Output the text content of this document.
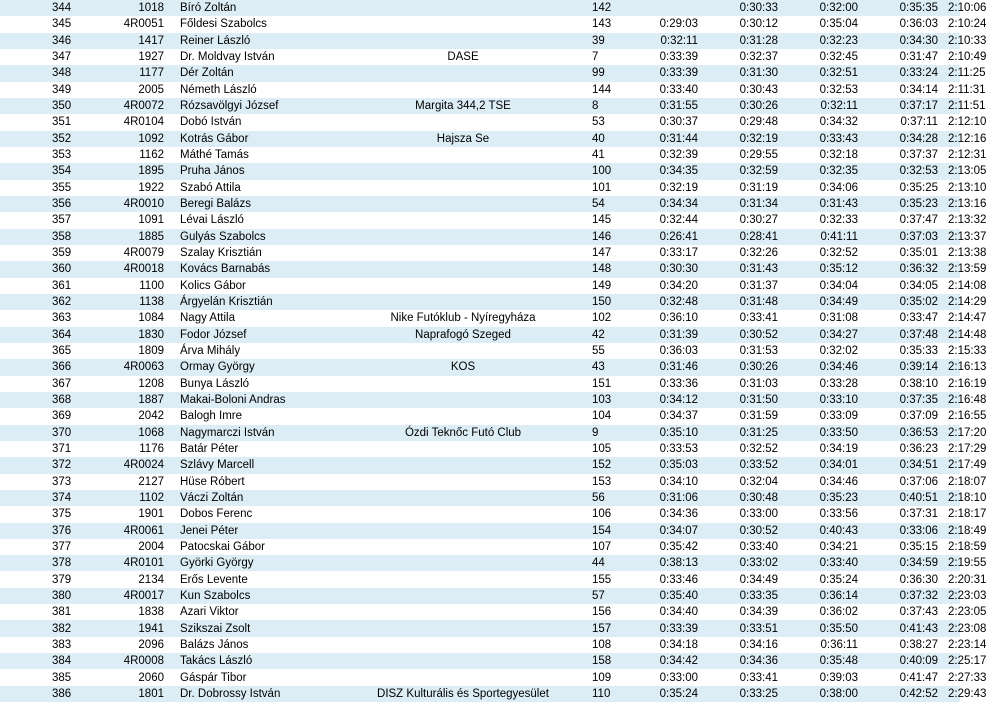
344	1018	Bíró Zoltán		142		0:30:33	0:32:00	0:35:35	2:10:06
345	4R0051	Főldesi Szabolcs		143	0:29:03	0:30:12	0:35:04	0:36:03	2:10:24
346	1417	Reiner László		39	0:32:11	0:31:28	0:32:23	0:34:30	2:10:33
347	1927	Dr. Moldvay István	DASE	7	0:33:39	0:32:37	0:32:45	0:31:47	2:10:49
348	1177	Dér Zoltán		99	0:33:39	0:31:30	0:32:51	0:33:24	2:11:25
349	2005	Németh László		144	0:33:40	0:30:43	0:32:53	0:34:14	2:11:31
350	4R0072	Rózsavölgyi József	Margita 344,2 TSE	8	0:31:55	0:30:26	0:32:11	0:37:17	2:11:51
351	4R0104	Dobó István		53	0:30:37	0:29:48	0:34:32	0:37:11	2:12:10
352	1092	Kotrás Gábor	Hajsza Se	40	0:31:44	0:32:19	0:33:43	0:34:28	2:12:16
353	1162	Máthé Tamás		41	0:32:39	0:29:55	0:32:18	0:37:37	2:12:31
354	1895	Pruha János		100	0:34:35	0:32:59	0:32:35	0:32:53	2:13:05
355	1922	Szabó Attila		101	0:32:19	0:31:19	0:34:06	0:35:25	2:13:10
356	4R0010	Beregi Balázs		54	0:34:34	0:31:34	0:31:43	0:35:23	2:13:16
357	1091	Lévai László		145	0:32:44	0:30:27	0:32:33	0:37:47	2:13:32
358	1885	Gulyás Szabolcs		146	0:26:41	0:28:41	0:41:11	0:37:03	2:13:37
359	4R0079	Szalay Krisztián		147	0:33:17	0:32:26	0:32:52	0:35:01	2:13:38
360	4R0018	Kovács Barnabás		148	0:30:30	0:31:43	0:35:12	0:36:32	2:13:59
361	1100	Kolics Gábor		149	0:34:20	0:31:37	0:34:04	0:34:05	2:14:08
362	1138	Árgyelán Krisztián		150	0:32:48	0:31:48	0:34:49	0:35:02	2:14:29
363	1084	Nagy Attila	Nike Futóklub - Nyíregyháza	102	0:36:10	0:33:41	0:31:08	0:33:47	2:14:47
364	1830	Fodor József	Naprafogó Szeged	42	0:31:39	0:30:52	0:34:27	0:37:48	2:14:48
365	1809	Árva Mihály		55	0:36:03	0:31:53	0:32:02	0:35:33	2:15:33
366	4R0063	Ormay György	KOS	43	0:31:46	0:30:26	0:34:46	0:39:14	2:16:13
367	1208	Bunya László		151	0:33:36	0:31:03	0:33:28	0:38:10	2:16:19
368	1887	Makai-Boloni Andras		103	0:34:12	0:31:50	0:33:10	0:37:35	2:16:48
369	2042	Balogh Imre		104	0:34:37	0:31:59	0:33:09	0:37:09	2:16:55
370	1068	Nagymarczi István	Ózdi Teknőc Futó Club	9	0:35:10	0:31:25	0:33:50	0:36:53	2:17:20
371	1176	Batár Péter		105	0:33:53	0:32:52	0:34:19	0:36:23	2:17:29
372	4R0024	Szlávy Marcell		152	0:35:03	0:33:52	0:34:01	0:34:51	2:17:49
373	2127	Hüse Róbert		153	0:34:10	0:32:04	0:34:46	0:37:06	2:18:07
374	1102	Váczi Zoltán		56	0:31:06	0:30:48	0:35:23	0:40:51	2:18:10
375	1901	Dobos Ferenc		106	0:34:36	0:33:00	0:33:56	0:37:31	2:18:17
376	4R0061	Jenei Péter		154	0:34:07	0:30:52	0:40:43	0:33:06	2:18:49
377	2004	Patocskai Gábor		107	0:35:42	0:33:40	0:34:21	0:35:15	2:18:59
378	4R0101	Györki György		44	0:38:13	0:33:02	0:33:40	0:34:59	2:19:55
379	2134	Erős Levente		155	0:33:46	0:34:49	0:35:24	0:36:30	2:20:31
380	4R0017	Kun Szabolcs		57	0:35:40	0:33:35	0:36:14	0:37:32	2:23:03
381	1838	Azari Viktor		156	0:34:40	0:34:39	0:36:02	0:37:43	2:23:05
382	1941	Szikszai Zsolt		157	0:33:39	0:33:51	0:35:50	0:41:43	2:23:08
383	2096	Balázs János		108	0:34:18	0:34:16	0:36:11	0:38:27	2:23:14
384	4R0008	Takács László		158	0:34:42	0:34:36	0:35:48	0:40:09	2:25:17
385	2060	Gáspár Tibor		109	0:33:00	0:33:41	0:39:03	0:41:47	2:27:33
386	1801	Dr. Dobrossy István	DISZ Kulturális és Sportegyesület	110	0:35:24	0:33:25	0:38:00	0:42:52	2:29:43
